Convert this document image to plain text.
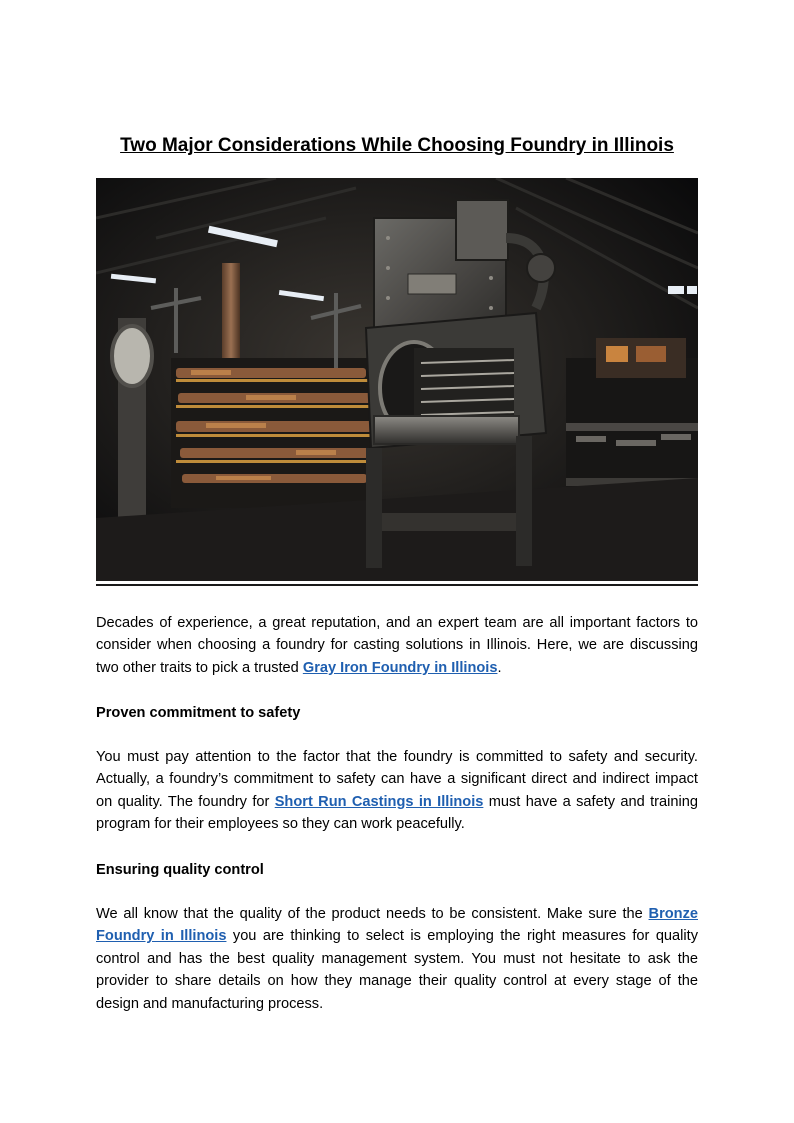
Two Major Considerations While Choosing Foundry in Illinois

Decades of experience, a great reputation, and an expert team are all important factors to consider when choosing a foundry for casting solutions in Illinois. Here, we are discussing two other traits to pick a trusted Gray Iron Foundry in Illinois.

Proven commitment to safety

You must pay attention to the factor that the foundry is committed to safety and security. Actually, a foundry’s commitment to safety can have a significant direct and indirect impact on quality. The foundry for Short Run Castings in Illinois must have a safety and training program for their employees so they can work peacefully.

Ensuring quality control

We all know that the quality of the product needs to be consistent. Make sure the Bronze Foundry in Illinois you are thinking to select is employing the right measures for quality control and has the best quality management system. You must not hesitate to ask the provider to share details on how they manage their quality control at every stage of the design and manufacturing process.
